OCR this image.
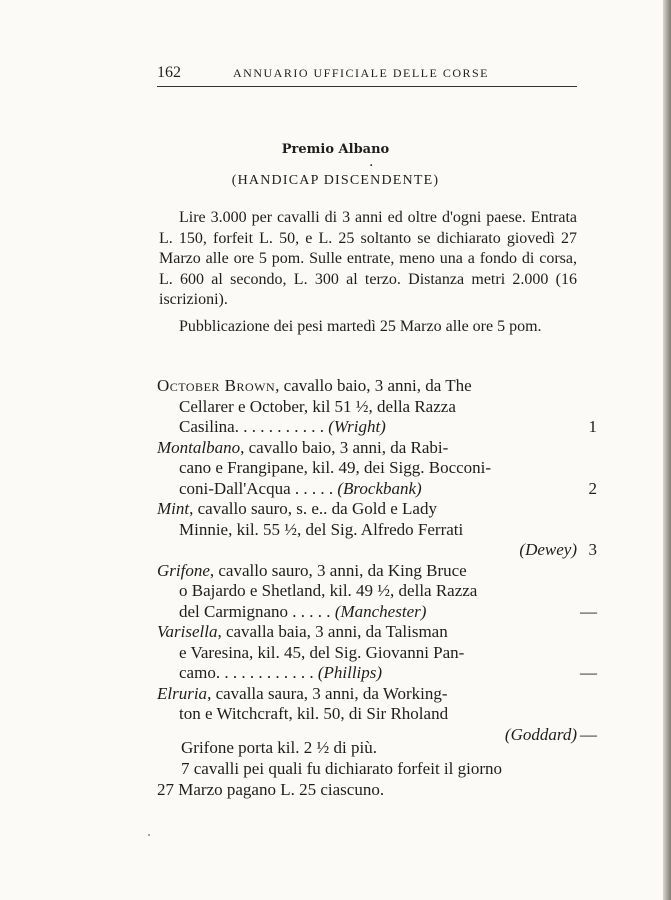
162	ANNUARIO UFFICIALE DELLE CORSE
Premio Albano
·
(HANDICAP DISCENDENTE)

Lire 3.000 per cavalli di 3 anni ed oltre d'ogni paese. Entrata L. 150, forfeit L. 50, e L. 25 soltanto se dichiarato giovedì 27 Marzo alle ore 5 pom. Sulle entrate, meno una a fondo di corsa, L. 600 al secondo, L. 300 al terzo. Distanza metri 2.000 (16 iscrizioni).

Pubblicazione dei pesi martedì 25 Marzo alle ore 5 pom.

October Brown, cavallo baio, 3 anni, da The
Cellarer e October, kil 51 ½, della Razza
Casilina. . . . . . . . . . . (Wright)	1
Montalbano, cavallo baio, 3 anni, da Rabi-
cano e Frangipane, kil. 49, dei Sigg. Bocconi-
coni-Dall'Acqua . . . . . (Brockbank)	2
Mint, cavallo sauro, s. e.. da Gold e Lady
Minnie, kil. 55 ½, del Sig. Alfredo Ferrati
(Dewey) 3
Grifone, cavallo sauro, 3 anni, da King Bruce
o Bajardo e Shetland, kil. 49 ½, della Razza
del Carmignano . . . . . (Manchester)	—
Varisella, cavalla baia, 3 anni, da Talisman
e Varesina, kil. 45, del Sig. Giovanni Pan-
camo. . . . . . . . . . . . (Phillips)	—
Elruria, cavalla saura, 3 anni, da Working-
ton e Witchcraft, kil. 50, di Sir Rholand
(Goddard) —

Grifone porta kil. 2 ½ di più.

7 cavalli pei quali fu dichiarato forfeit il giorno

27 Marzo pagano L. 25 ciascuno.
